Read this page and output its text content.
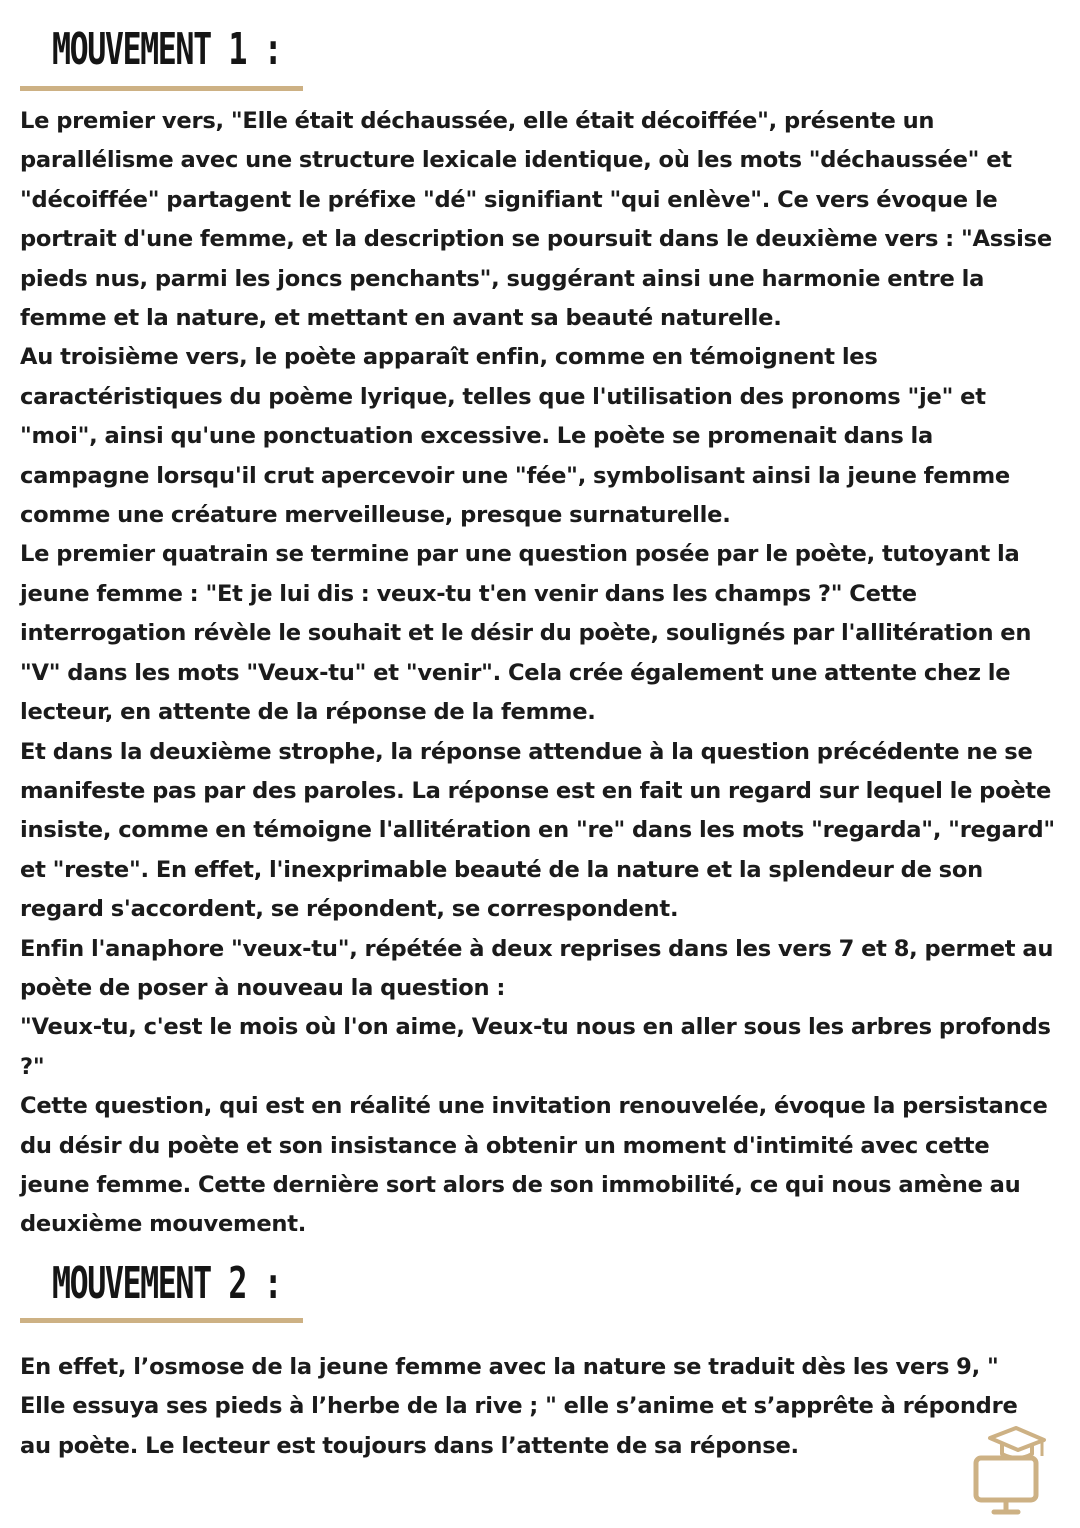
MOUVEMENT 1 :

Le premier vers, "Elle était déchaussée, elle était décoiffée", présente un parallélisme avec une structure lexicale identique, où les mots "déchaussée" et "décoiffée" partagent le préfixe "dé" signifiant "qui enlève". Ce vers évoque le portrait d'une femme, et la description se poursuit dans le deuxième vers : "Assise pieds nus, parmi les joncs penchants", suggérant ainsi une harmonie entre la femme et la nature, et mettant en avant sa beauté naturelle.

Au troisième vers, le poète apparaît enfin, comme en témoignent les caractéristiques du poème lyrique, telles que l'utilisation des pronoms "je" et "moi", ainsi qu'une ponctuation excessive. Le poète se promenait dans la campagne lorsqu'il crut apercevoir une "fée", symbolisant ainsi la jeune femme comme une créature merveilleuse, presque surnaturelle.

Le premier quatrain se termine par une question posée par le poète, tutoyant la jeune femme : "Et je lui dis : veux-tu t'en venir dans les champs ?" Cette interrogation révèle le souhait et le désir du poète, soulignés par l'allitération en "V" dans les mots "Veux-tu" et "venir". Cela crée également une attente chez le lecteur, en attente de la réponse de la femme.

Et dans la deuxième strophe, la réponse attendue à la question précédente ne se manifeste pas par des paroles. La réponse est en fait un regard sur lequel le poète insiste, comme en témoigne l'allitération en "re" dans les mots "regarda", "regard" et "reste". En effet, l'inexprimable beauté de la nature et la splendeur de son regard s'accordent, se répondent, se correspondent.

Enfin l'anaphore "veux-tu", répétée à deux reprises dans les vers 7 et 8, permet au poète de poser à nouveau la question :

"Veux-tu, c'est le mois où l'on aime, Veux-tu nous en aller sous les arbres profonds ?"

Cette question, qui est en réalité une invitation renouvelée, évoque la persistance du désir du poète et son insistance à obtenir un moment d'intimité avec cette jeune femme. Cette dernière sort alors de son immobilité, ce qui nous amène au deuxième mouvement.

MOUVEMENT 2 :

En effet, l’osmose de la jeune femme avec la nature se traduit dès les vers 9, " Elle essuya ses pieds à l’herbe de la rive ; " elle s’anime et s’apprête à répondre au poète. Le lecteur est toujours dans l’attente de sa réponse.
